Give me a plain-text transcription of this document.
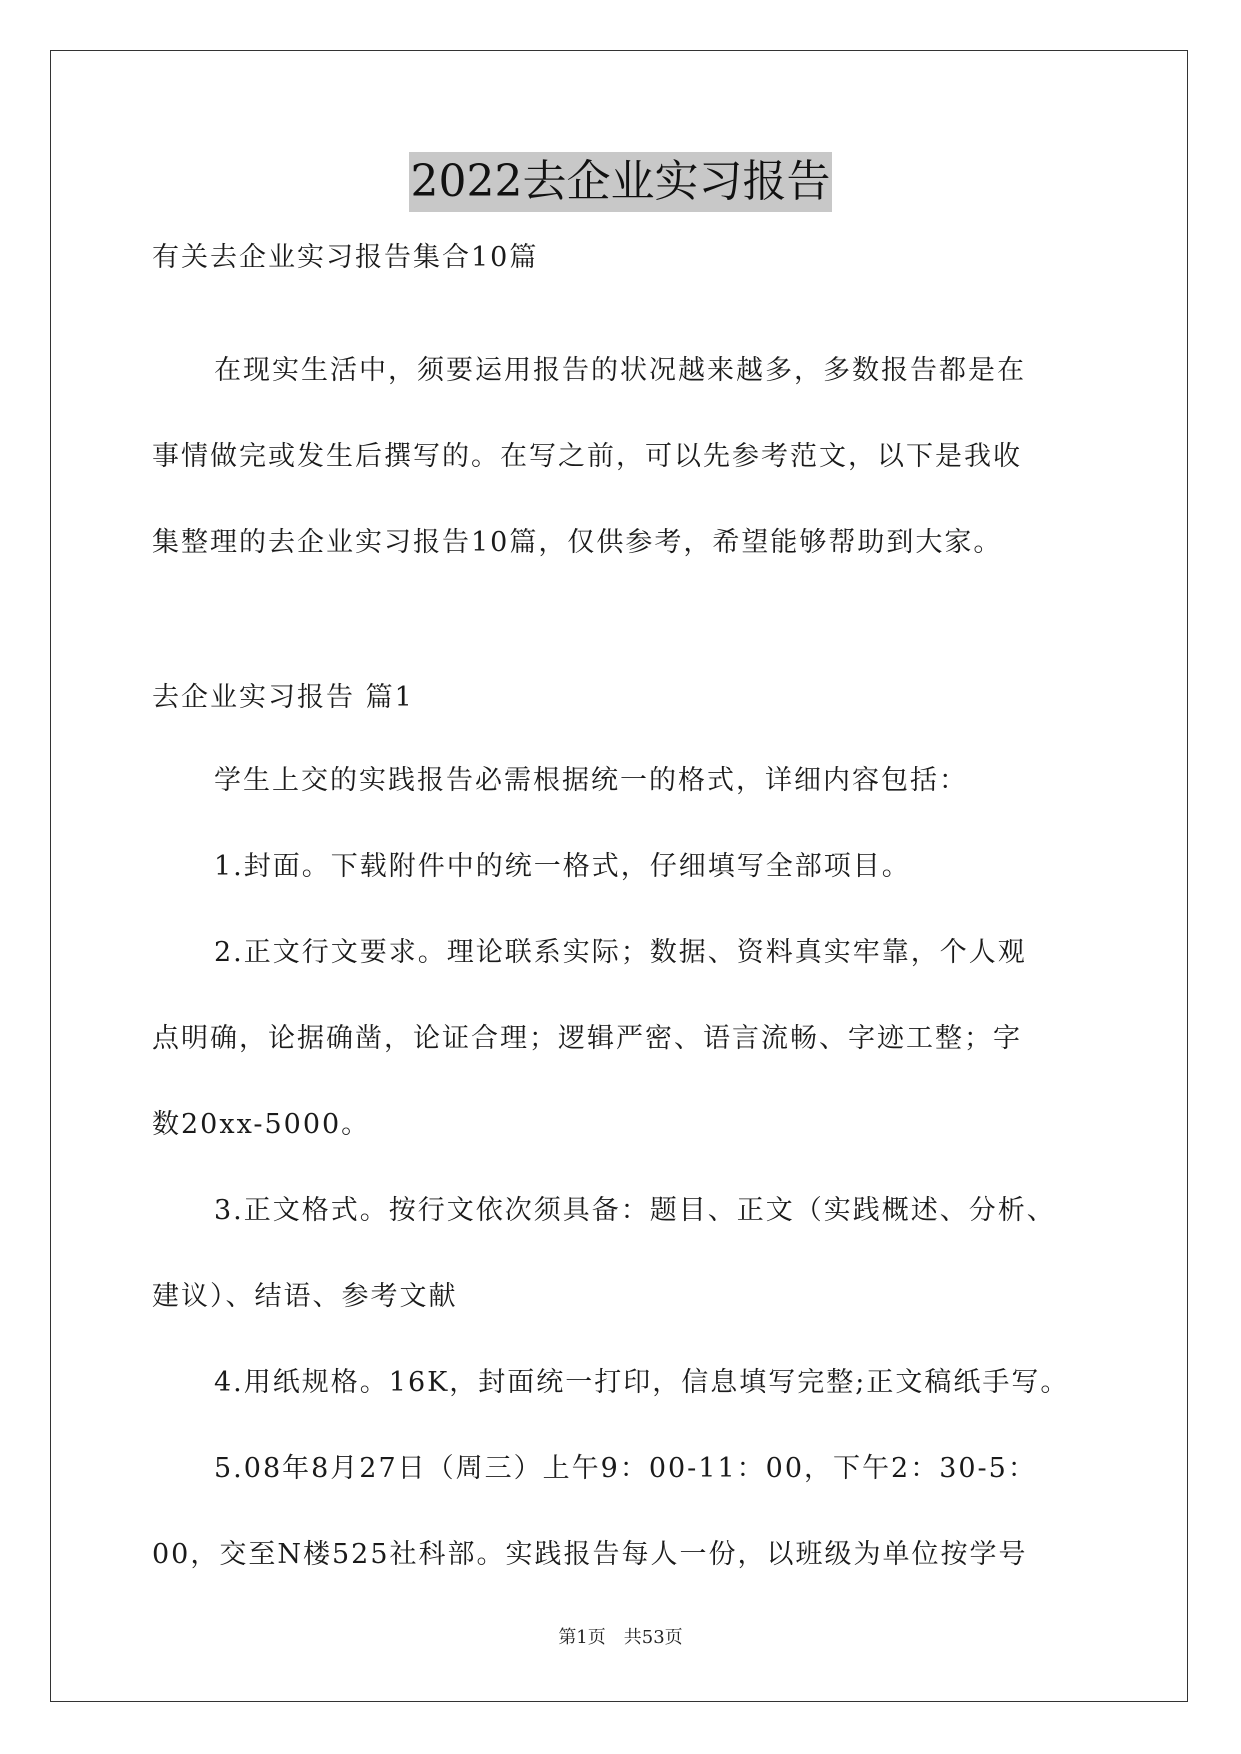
2022去企业实习报告
有关去企业实习报告集合10篇
在现实生活中，须要运用报告的状况越来越多，多数报告都是在
事情做完或发生后撰写的。在写之前，可以先参考范文，以下是我收
集整理的去企业实习报告10篇，仅供参考，希望能够帮助到大家。
去企业实习报告 篇1
学生上交的实践报告必需根据统一的格式，详细内容包括：
1.封面。下载附件中的统一格式，仔细填写全部项目。
2.正文行文要求。理论联系实际；数据、资料真实牢靠，个人观
点明确，论据确凿，论证合理；逻辑严密、语言流畅、字迹工整；字
数20xx-5000。
3.正文格式。按行文依次须具备：题目、正文（实践概述、分析、
建议）、结语、参考文献
4.用纸规格。16K，封面统一打印，信息填写完整;正文稿纸手写。
5.08年8月27日（周三）上午9：00-11：00，下午2：30-5：
00，交至N楼525社科部。实践报告每人一份，以班级为单位按学号
第1页　共53页
